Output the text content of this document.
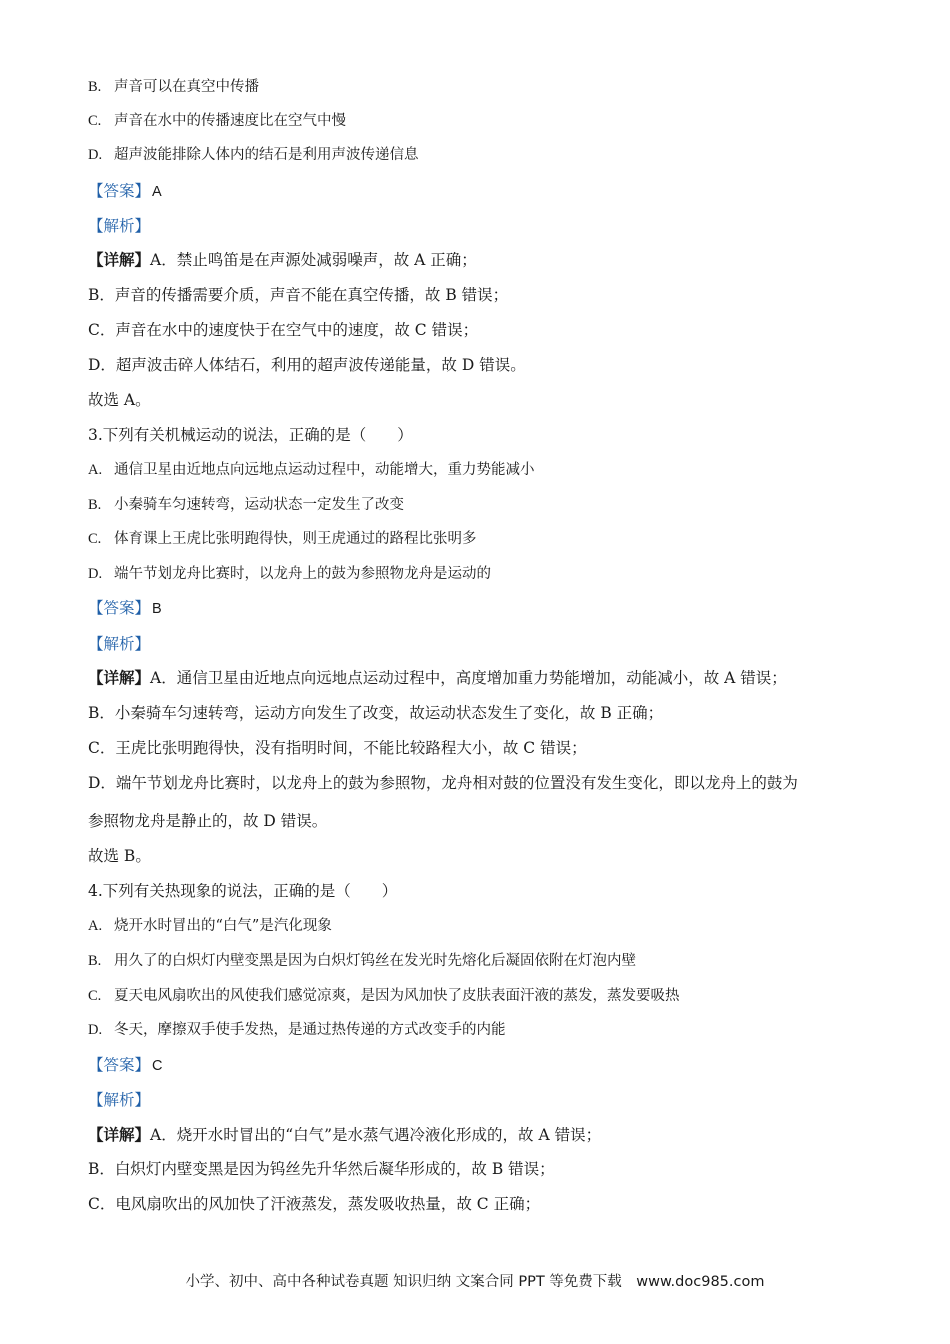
B. 声音可以在真空中传播
C. 声音在水中的传播速度比在空气中慢
D. 超声波能排除人体内的结石是利用声波传递信息
【答案】 A
【解析】
【详解】A．禁止鸣笛是在声源处减弱噪声，故 A 正确；
B．声音的传播需要介质，声音不能在真空传播，故 B 错误；
C．声音在水中的速度快于在空气中的速度，故 C 错误；
D．超声波击碎人体结石，利用的超声波传递能量，故 D 错误。
故选 A。
3.下列有关机械运动的说法，正确的是（　　）
A. 通信卫星由近地点向远地点运动过程中，动能增大，重力势能减小
B. 小秦骑车匀速转弯，运动状态一定发生了改变
C. 体育课上王虎比张明跑得快，则王虎通过的路程比张明多
D. 端午节划龙舟比赛时，以龙舟上的鼓为参照物龙舟是运动的
【答案】 B
【解析】
【详解】A．通信卫星由近地点向远地点运动过程中，高度增加重力势能增加，动能减小，故 A 错误；
B．小秦骑车匀速转弯，运动方向发生了改变，故运动状态发生了变化，故 B 正确；
C．王虎比张明跑得快，没有指明时间，不能比较路程大小，故 C 错误；
D．端午节划龙舟比赛时，以龙舟上的鼓为参照物，龙舟相对鼓的位置没有发生变化，即以龙舟上的鼓为
参照物龙舟是静止的，故 D 错误。
故选 B。
4.下列有关热现象的说法，正确的是（　　）
A. 烧开水时冒出的“白气”是汽化现象
B. 用久了的白炽灯内壁变黑是因为白炽灯钨丝在发光时先熔化后凝固依附在灯泡内壁
C. 夏天电风扇吹出的风使我们感觉凉爽，是因为风加快了皮肤表面汗液的蒸发，蒸发要吸热
D. 冬天，摩擦双手使手发热，是通过热传递的方式改变手的内能
【答案】 C
【解析】
【详解】A．烧开水时冒出的“白气”是水蒸气遇冷液化形成的，故 A 错误；
B．白炽灯内壁变黑是因为钨丝先升华然后凝华形成的，故 B 错误；
C．电风扇吹出的风加快了汗液蒸发，蒸发吸收热量，故 C 正确；
小学、初中、高中各种试卷真题 知识归纳 文案合同 PPT 等免费下载　www.doc985.com
